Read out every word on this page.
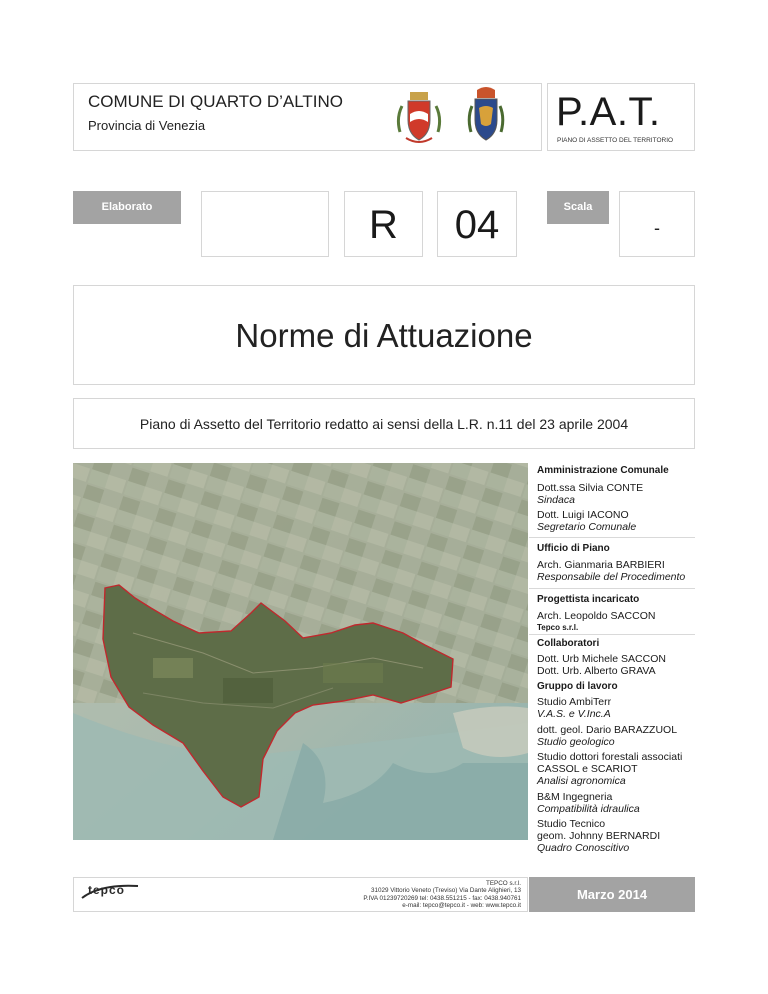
COMUNE DI QUARTO D’ALTINO
Provincia di Venezia	P.A.T.
PIANO DI ASSETTO DEL TERRITORIO
Elaborato	R	04	Scala
-
Norme di Attuazione
Piano di Assetto del Territorio redatto ai sensi della L.R. n.11 del 23 aprile 2004
Amministrazione Comunale
Dott.ssa Silvia CONTE
Sindaca
Dott. Luigi IACONO
Segretario Comunale
Ufficio di Piano
Arch. Gianmaria BARBIERI
Responsabile del Procedimento
Progettista incaricato
Arch. Leopoldo SACCON
Tepco s.r.l.
Collaboratori
Dott. Urb Michele SACCON
Dott. Urb. Alberto GRAVA
Gruppo di lavoro
Studio AmbiTerr
V.A.S. e V.Inc.A
dott. geol. Dario BARAZZUOL
Studio geologico
Studio dottori forestali associati
CASSOL e SCARIOT
Analisi agronomica
B&M Ingegneria
Compatibilità idraulica
Studio Tecnico
geom. Johnny BERNARDI
Quadro Conoscitivo
tepco	TEPCO s.r.l.
31029 Vittorio Veneto (Treviso) Via Dante Alighieri, 13
P.IVA 01239720269 tel: 0438.551215 - fax: 0438.940761
e-mail: tepco@tepco.it - web: www.tepco.it
Marzo 2014
